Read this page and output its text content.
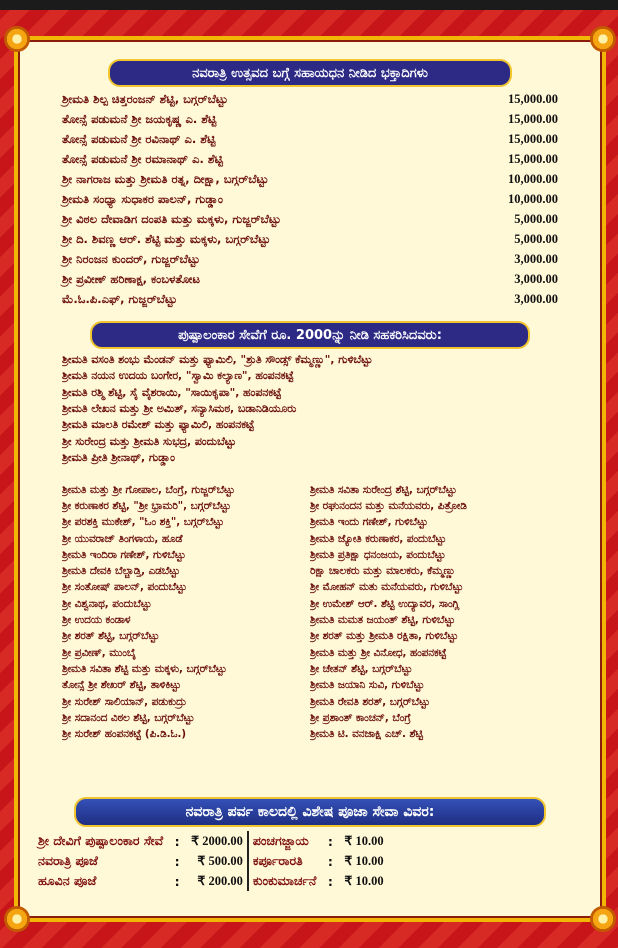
ನವರಾತ್ರಿ ಉತ್ಸವದ ಬಗ್ಗೆ ಸಹಾಯಧನ ನೀಡಿದ ಭಕ್ತಾದಿಗಳು
ಶ್ರೀಮತಿ ಶಿಲ್ಪ ಚಿತ್ತರಂಜನ್ ಶೆಟ್ಟಿ, ಬಗ್ಗರ್‌ಬೆಟ್ಟು	15,000.00
ತೋನ್ಸೆ ಪಡುಮನೆ ಶ್ರೀ ಜಯಕೃಷ್ಣ ಎ. ಶೆಟ್ಟಿ	15,000.00
ತೋನ್ಸೆ ಪಡುಮನೆ ಶ್ರೀ ರವಿನಾಥ್ ಎ. ಶೆಟ್ಟಿ	15,000.00
ತೋನ್ಸೆ ಪಡುಮನೆ ಶ್ರೀ ರಮಾನಾಥ್ ಎ. ಶೆಟ್ಟಿ	15,000.00
ಶ್ರೀ ನಾಗರಾಜ ಮತ್ತು ಶ್ರೀಮತಿ ರತ್ನ, ದೀಕ್ಷಾ, ಬಗ್ಗರ್‌ಬೆಟ್ಟು	10,000.00
ಶ್ರೀಮತಿ ಸಂಧ್ಯಾ ಸುಧಾಕರ ಪಾಲನ್, ಗುಡ್ಡಾಂ	10,000.00
ಶ್ರೀ ವಿಠಲ ದೇವಾಡಿಗ ದಂಪತಿ ಮತ್ತು ಮಕ್ಕಳು, ಗುಜ್ಜರ್‌ಬೆಟ್ಟು	5,000.00
ಶ್ರೀ ದಿ. ಶಿವಣ್ಣ ಆರ್. ಶೆಟ್ಟಿ ಮತ್ತು ಮಕ್ಕಳು, ಬಗ್ಗರ್‌ಬೆಟ್ಟು	5,000.00
ಶ್ರೀ ನಿರಂಜನ ಕುಂದರ್, ಗುಜ್ಜರ್‌ಬೆಟ್ಟು	3,000.00
ಶ್ರೀ ಪ್ರವೀಣ್ ಹರಿಣಾಕ್ಷ, ಕಂಬಳತೋಟ	3,000.00
ಮೆ.ಓ.ಪಿ.ಎಫ್, ಗುಜ್ಜರ್‌ಬೆಟ್ಟು	3,000.00
ಪುಷ್ಪಾಲಂಕಾರ ಸೇವೆಗೆ ರೂ. 2000ನ್ನು ನೀಡಿ ಸಹಕರಿಸಿದವರು:
ಶ್ರೀಮತಿ ವಸಂತಿ ಶಂಭು ಮೆಂಡನ್ ಮತ್ತು ಫ್ಯಾಮಿಲಿ, "ಶ್ರುತಿ ಸೌಂಡ್ಸ್ ಕೆಮ್ಮಣ್ಣು", ಗುಳಿಬೆಟ್ಟು
ಶ್ರೀಮತಿ ನಯನ ಉದಯ ಬಂಗೇರ, "ಸ್ವಾಮಿ ಕಲ್ಯಾಣ", ಹಂಪನಕಟ್ಟೆ
ಶ್ರೀಮತಿ ರಶ್ಮಿ ಶೆಟ್ಟಿ, ಸೈ ವೈಶರಾಯಿ, "ಸಾಯಿಕೃಪಾ", ಹಂಪನಕಟ್ಟೆ
ಶ್ರೀಮತಿ ಲೇಖನ ಮತ್ತು ಶ್ರೀ ಅಮಿತ್, ಸನ್ಯಾಸಿಮಠ, ಬಡಾನಿಡಿಯೂರು
ಶ್ರೀಮತಿ ಮಾಲತಿ ರಮೇಶ್ ಮತ್ತು ಫ್ಯಾಮಿಲಿ, ಹಂಪನಕಟ್ಟೆ
ಶ್ರೀ ಸುರೇಂದ್ರ ಮತ್ತು ಶ್ರೀಮತಿ ಸುಭದ್ರ, ಪಂದುಬೆಟ್ಟು
ಶ್ರೀಮತಿ ಪ್ರೀತಿ ಶ್ರೀನಾಥ್, ಗುಡ್ಡಾಂ
ಶ್ರೀಮತಿ ಮತ್ತು ಶ್ರೀ ಗೋಪಾಲ, ಬೆಂಗ್ರೆ, ಗುಜ್ಜರ್‌ಬೆಟ್ಟು
ಶ್ರೀ ಕರುಣಾಕರ ಶೆಟ್ಟಿ, "ಶ್ರೀ ಭ್ರಾಮರಿ", ಬಗ್ಗರ್‌ಬೆಟ್ಟು
ಶ್ರೀ ಪರಶಕ್ತಿ ಮುಕೇಶ್, "ಓಂ ಶಕ್ತಿ", ಬಗ್ಗರ್‌ಬೆಟ್ಟು
ಶ್ರೀ ಯುವರಾಜ್ ತಿಂಗಳಾಯ, ಹೂಡೆ
ಶ್ರೀಮತಿ ಇಂದಿರಾ ಗಣೇಶ್, ಗುಳಿಬೆಟ್ಟು
ಶ್ರೀಮತಿ ದೇವಕಿ ಬೆಲ್ಚಾಡ್ತಿ, ಎಡಬೆಟ್ಟು
ಶ್ರೀ ಸಂತೋಷ್ ಪಾಲನ್, ಪಂದುಬೆಟ್ಟು
ಶ್ರೀ ವಿಶ್ವನಾಥ, ಪಂದುಬೆಟ್ಟು
ಶ್ರೀ ಉದಯ ಕಂಡಾಳ
ಶ್ರೀ ಶರತ್ ಶೆಟ್ಟಿ, ಬಗ್ಗರ್‌ಬೆಟ್ಟು
ಶ್ರೀ ಪ್ರವೀಣ್, ಮುಂಬೈ
ಶ್ರೀಮತಿ ಸವಿತಾ ಶೆಟ್ಟಿ ಮತ್ತು ಮಕ್ಕಳು, ಬಗ್ಗರ್‌ಬೆಟ್ಟು
ತೋನ್ಸೆ ಶ್ರೀ ಶೇಖರ್ ಶೆಟ್ಟಿ, ತಾಳಿಕಿಟ್ಟು
ಶ್ರೀ ಸುರೇಶ್ ಸಾಲಿಯಾನ್, ಪಡುಕುದ್ರು
ಶ್ರೀ ಸದಾನಂದ ವಿಠಲ ಶೆಟ್ಟಿ, ಬಗ್ಗರ್‌ಬೆಟ್ಟು
ಶ್ರೀ ಸುರೇಶ್ ಹಂಪನಕಟ್ಟೆ (ಪಿ.ಡಿ.ಓ.)
ಶ್ರೀಮತಿ ಸವಿತಾ ಸುರೇಂದ್ರ ಶೆಟ್ಟಿ, ಬಗ್ಗರ್‌ಬೆಟ್ಟು
ಶ್ರೀ ರಘುನಂದನ ಮತ್ತು ಮನೆಯವರು, ಪಿತ್ರೋಡಿ
ಶ್ರೀಮತಿ ಇಂದು ಗಣೇಶ್, ಗುಳಿಬೆಟ್ಟು
ಶ್ರೀಮತಿ ಜ್ಯೋತಿ ಕರುಣಾಕರ, ಪಂದುಬೆಟ್ಟು
ಶ್ರೀಮತಿ ಪ್ರತಿಕ್ಷಾ ಧನಂಜಯ, ಪಂದುಬೆಟ್ಟು
ರಿಕ್ಷಾ ಚಾಲಕರು ಮತ್ತು ಮಾಲಕರು, ಕೆಮ್ಮಣ್ಣು
ಶ್ರೀ ಮೋಹನ್ ಮತು ಮನೆಯವರು, ಗುಳಿಬೆಟ್ಟು
ಶ್ರೀ ಉಮೇಶ್ ಆರ್. ಶೆಟ್ಟಿ ಉದ್ಯಾವರ, ಸಾಂಗ್ಲಿ
ಶ್ರೀಮತಿ ಮಮತ ಜಯಂತ್ ಶೆಟ್ಟಿ, ಗುಳಿಬೆಟ್ಟು
ಶ್ರೀ ಶರತ್ ಮತ್ತು ಶ್ರೀಮತಿ ರಕ್ಷಿತಾ, ಗುಳಿಬೆಟ್ಟು
ಶ್ರೀಮತಿ ಮತ್ತು ಶ್ರೀ ವಿನೋಧ, ಹಂಪನಕಟ್ಟೆ
ಶ್ರೀ ಚೇತನ್ ಶೆಟ್ಟಿ, ಬಗ್ಗರ್‌ಬೆಟ್ಟು
ಶ್ರೀಮತಿ ಜಯಾನಿ ಸುವಿ, ಗುಳಿಬೆಟ್ಟು
ಶ್ರೀಮತಿ ರೇವತಿ ಶರತ್, ಬಗ್ಗರ್‌ಬೆಟ್ಟು
ಶ್ರೀ ಪ್ರಶಾಂತ್ ಕಾಂಚನ್, ಬೆಂಗ್ರೆ
ಶ್ರೀಮತಿ ಟಿ. ವನಜಾಕ್ಷಿ ಎಚ್. ಶೆಟ್ಟಿ
ನವರಾತ್ರಿ ಪರ್ವ ಕಾಲದಲ್ಲಿ ವಿಶೇಷ ಪೂಜಾ ಸೇವಾ ವಿವರ:
ಶ್ರೀ ದೇವಿಗೆ ಪುಷ್ಪಾಲಂಕಾರ ಸೇವೆ	:	₹ 2000.00	ಪಂಚಗಜ್ಜಾಯ	:	₹ 10.00
ನವರಾತ್ರಿ ಪೂಜೆ	:	₹ 500.00	ಕರ್ಪೂರಾರತಿ	:	₹ 10.00
ಹೂವಿನ ಪೂಜೆ	:	₹ 200.00	ಕುಂಕುಮಾರ್ಚನೆ	:	₹ 10.00
